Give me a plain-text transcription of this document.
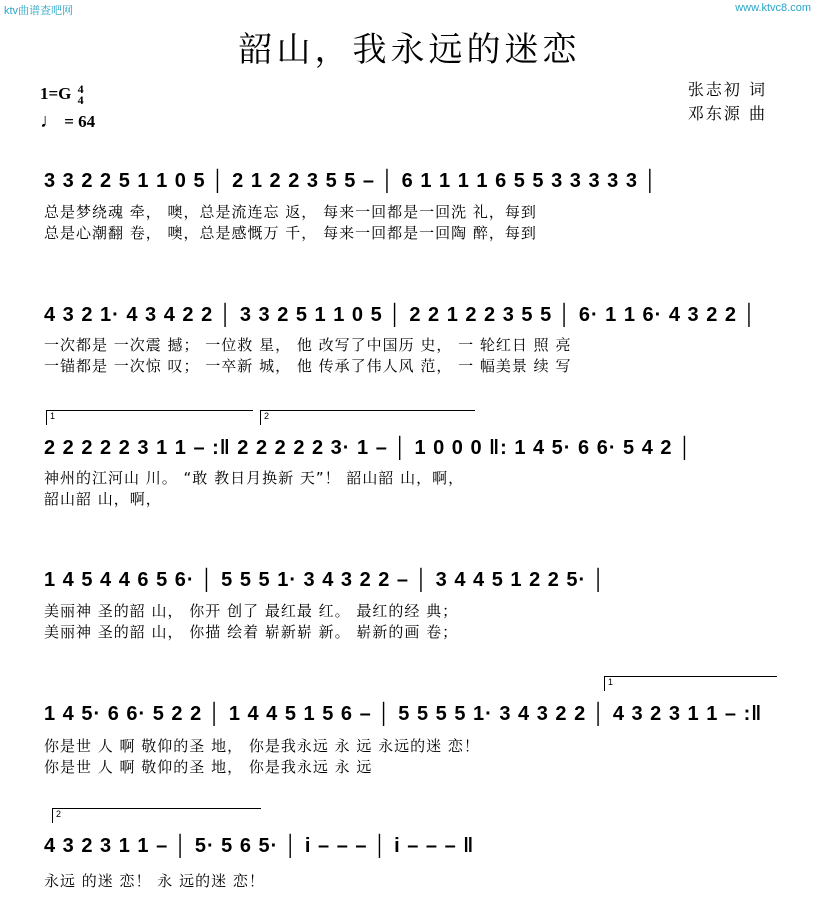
ktv曲谱查吧网	www.ktvc8.com
韶山，我永远的迷恋
1=G 4
4
♩ = 64
张志初 词
邓东源 曲
3 3 2 2 5 1 1 0 5 │ 2 1 2 2 3 5 5 – │ 6 1 1 1 1 6 5 5 3 3 3 3 3 │
总是梦绕魂 牵， 噢，总是流连忘 返， 每来一回都是一回洗 礼，每到
总是心潮翻 卷， 噢，总是感慨万 千， 每来一回都是一回陶 醉，每到
4 3 2 1· 4 3 4 2 2 │ 3 3 2 5 1 1 0 5 │ 2 2 1 2 2 3 5 5 │ 6· 1 1 6· 4 3 2 2 │
一次都是 一次震 撼； 一位救 星， 他 改写了中国历 史， 一 轮红日 照 亮
一锚都是 一次惊 叹； 一卒新 城， 他 传承了伟人风 范， 一 幅美景 续 写
1	2
2 2 2 2 2 3 1 1 – :‖ 2 2 2 2 2 3· 1 – │ 1 0 0 0 ‖: 1 4 5· 6 6· 5 4 2 │
神州的江河山 川。 “敢 教日月换新 天”！ 韶山韶 山，啊，
韶山韶 山，啊，
1 4 5 4 4 6 5 6· │ 5 5 5 1· 3 4 3 2 2 – │ 3 4 4 5 1 2 2 5· │
美丽神 圣的韶 山， 你开 创了 最红最 红。 最红的经 典；
美丽神 圣的韶 山， 你描 绘着 崭新崭 新。 崭新的画 卷；
1
1 4 5· 6 6· 5 2 2 │ 1 4 4 5 1 5 6 – │ 5 5 5 5 1· 3 4 3 2 2 │ 4 3 2 3 1 1 – :‖
你是世 人 啊 敬仰的圣 地， 你是我永远 永 远 永远的迷 恋！
你是世 人 啊 敬仰的圣 地， 你是我永远 永 远
2
4 3 2 3 1 1 – │ 5· 5 6 5· │ i – – – │ i – – – ‖
永远 的迷 恋！ 永 远的迷 恋！
